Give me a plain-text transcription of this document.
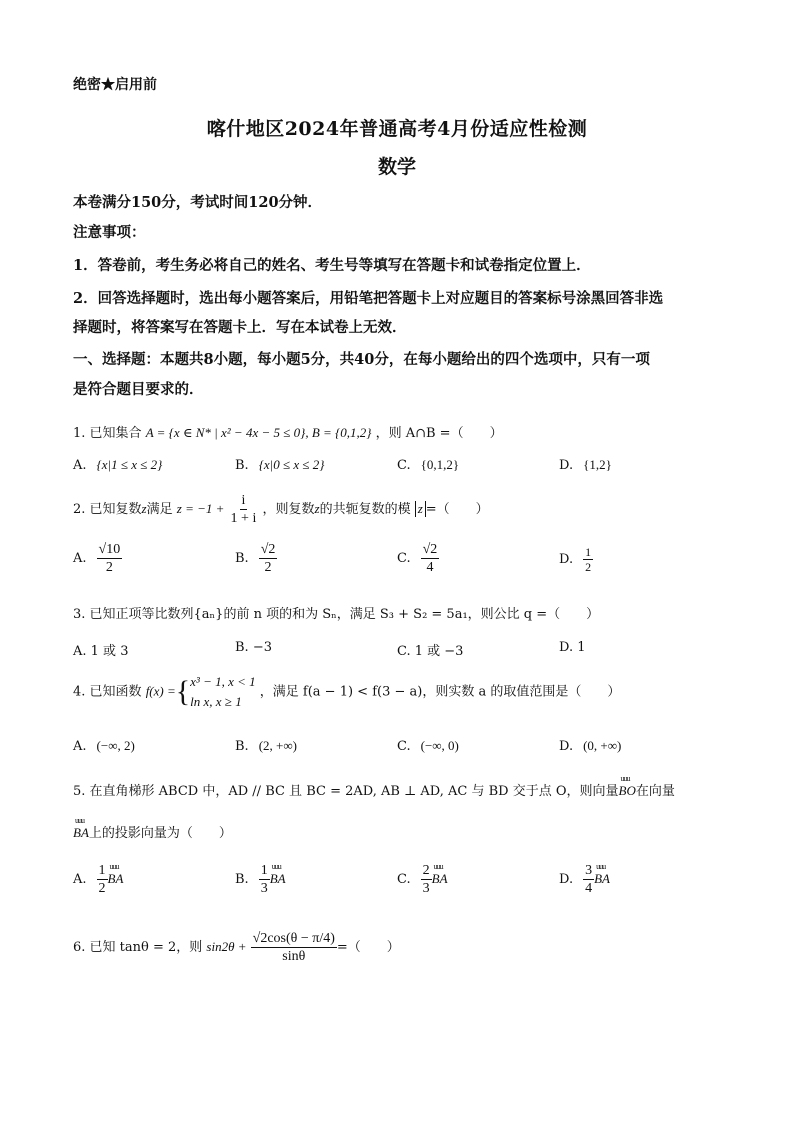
绝密★启用前
喀什地区2024年普通高考4月份适应性检测
数学
本卷满分150分，考试时间120分钟．
注意事项：
1．答卷前，考生务必将自己的姓名、考生号等填写在答题卡和试卷指定位置上．
2．回答选择题时，选出每小题答案后，用铅笔把答题卡上对应题目的答案标号涂黑回答非选
择题时，将答案写在答题卡上．写在本试卷上无效．
一、选择题：本题共8小题，每小题5分，共40分，在每小题给出的四个选项中，只有一项
是符合题目要求的．
1. 已知集合 A = {x ∈ N* | x² − 4x − 5 ≤ 0}, B = {0,1,2} ，则 A∩B =（　　）
A. {x|1 ≤ x ≤ 2}	B. {x|0 ≤ x ≤ 2}	C. {0,1,2}	D. {1,2}
2. 已知复数z满足 $z = -1 + \frac{i}{1 + i}$ ，则复数z的共轭复数的模 z =（　　）
A. $\frac{√10}{2}$	B. $\frac{√2}{2}$	C. $\frac{√2}{4}$	D. $\frac{1}{2}$
3. 已知正项等比数列{aₙ}的前 n 项的和为 Sₙ，满足 S₃ + S₂ = 5a₁，则公比 q =（　　）
A. 1 或 3	B. −3	C. 1 或 −3	D. 1
4. 已知函数 f(x) ={ x³ − 1, x < 1
ln x, x ≥ 1
，满足 f(a − 1) < f(3 − a)，则实数 a 的取值范围是（　　）
A. (−∞, 2)	B. (2, +∞)	C. (−∞, 0)	D. (0, +∞)
5. 在直角梯形 ABCD 中，AD // BC 且 BC = 2AD, AB ⊥ AD, AC 与 BD 交于点 O，则向量uuu BO在向量
uuu BA上的投影向量为（　　）
A. $\frac{1}{2}$ uuu BA	B. $\frac{1}{3}$ uuu BA	C. $\frac{2}{3}$ uuu BA	D. $\frac{3}{4}$ uuu BA
6. 已知 tanθ = 2，则 $\sin 2\theta + \frac{√2\cos(\theta - \pi/4)}{\sin\theta}$ =（　　）
